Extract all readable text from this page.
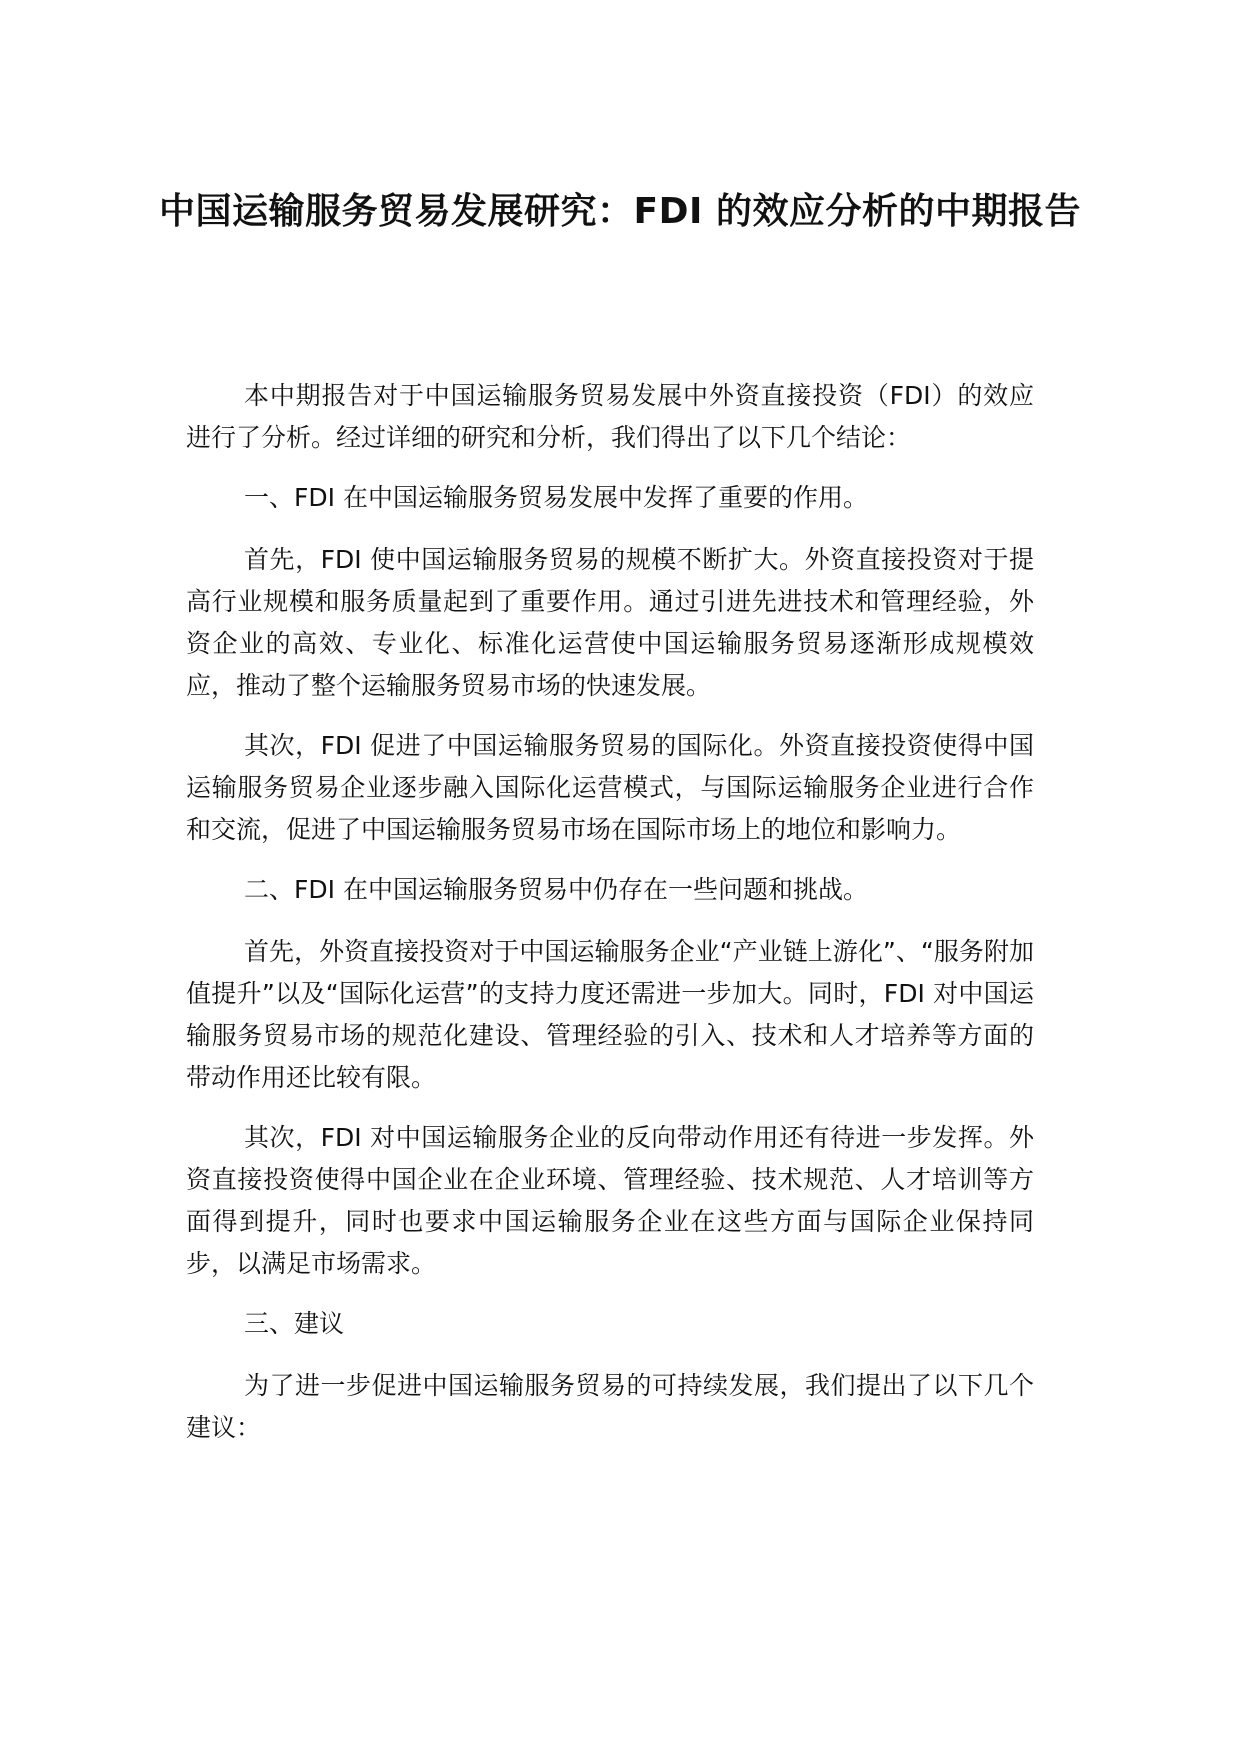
中国运输服务贸易发展研究：FDI 的效应分析的中期报告

本中期报告对于中国运输服务贸易发展中外资直接投资（FDI）的效应进行了分析。经过详细的研究和分析，我们得出了以下几个结论：

一、FDI 在中国运输服务贸易发展中发挥了重要的作用。

首先，FDI 使中国运输服务贸易的规模不断扩大。外资直接投资对于提高行业规模和服务质量起到了重要作用。通过引进先进技术和管理经验，外资企业的高效、专业化、标准化运营使中国运输服务贸易逐渐形成规模效应，推动了整个运输服务贸易市场的快速发展。

其次，FDI 促进了中国运输服务贸易的国际化。外资直接投资使得中国运输服务贸易企业逐步融入国际化运营模式，与国际运输服务企业进行合作和交流，促进了中国运输服务贸易市场在国际市场上的地位和影响力。

二、FDI 在中国运输服务贸易中仍存在一些问题和挑战。

首先，外资直接投资对于中国运输服务企业“产业链上游化”、“服务附加值提升”以及“国际化运营”的支持力度还需进一步加大。同时，FDI 对中国运输服务贸易市场的规范化建设、管理经验的引入、技术和人才培养等方面的带动作用还比较有限。

其次，FDI 对中国运输服务企业的反向带动作用还有待进一步发挥。外资直接投资使得中国企业在企业环境、管理经验、技术规范、人才培训等方面得到提升，同时也要求中国运输服务企业在这些方面与国际企业保持同步，以满足市场需求。

三、建议

为了进一步促进中国运输服务贸易的可持续发展，我们提出了以下几个建议：
